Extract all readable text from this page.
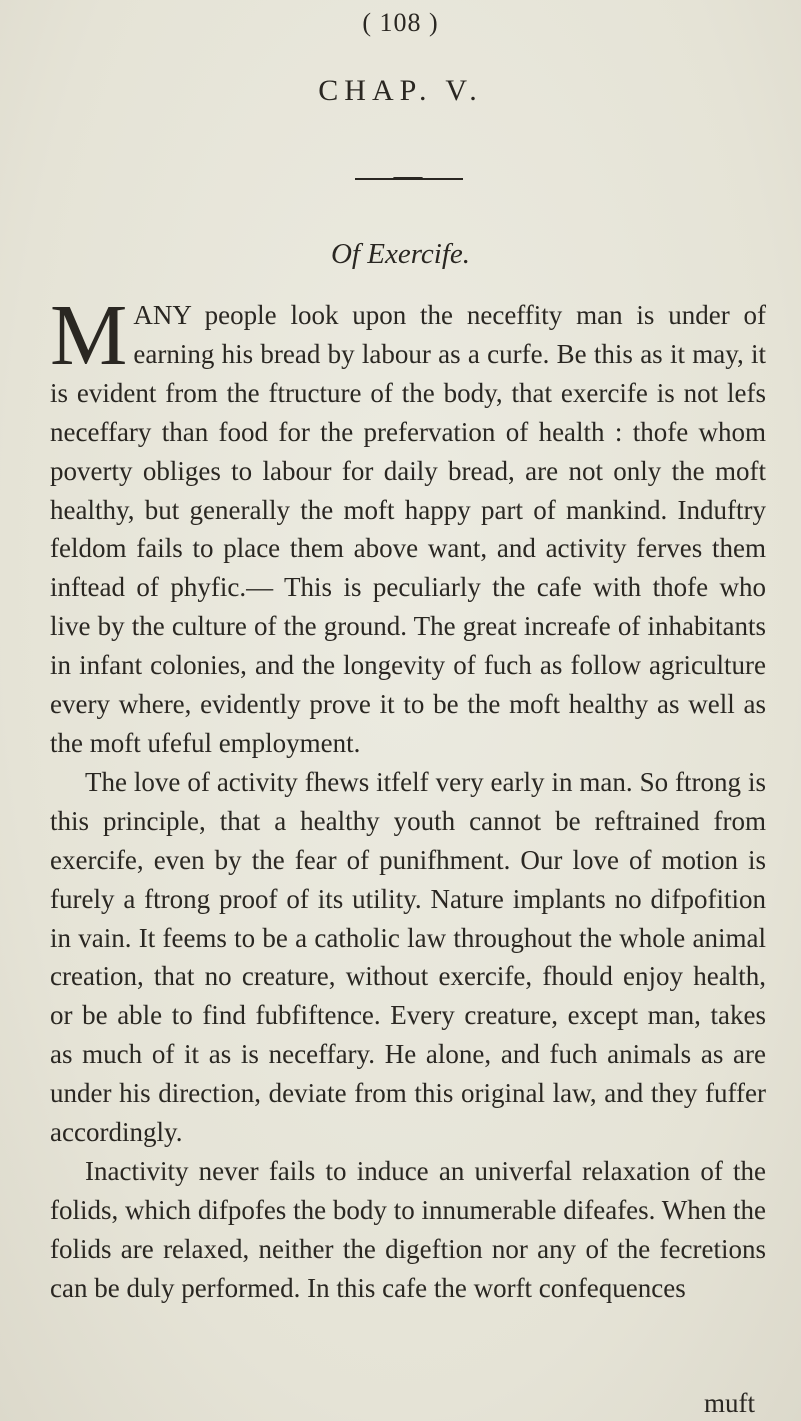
( 108 )
CHAP. V.
Of Exercife.

MANY people look upon the neceffity man is under of earning his bread by labour as a curfe. Be this as it may, it is evident from the ftructure of the body, that exercife is not lefs neceffary than food for the prefervation of health : thofe whom poverty obliges to labour for daily bread, are not only the moft healthy, but generally the moft happy part of mankind. Induftry feldom fails to place them above want, and activity ferves them inftead of phyfic.— This is peculiarly the cafe with thofe who live by the culture of the ground. The great increafe of inhabitants in infant colonies, and the longevity of fuch as follow agriculture every where, evidently prove it to be the moft healthy as well as the moft ufeful employment.

The love of activity fhews itfelf very early in man. So ftrong is this principle, that a healthy youth cannot be reftrained from exercife, even by the fear of punifhment. Our love of motion is furely a ftrong proof of its utility. Nature implants no difpofition in vain. It feems to be a catholic law throughout the whole animal creation, that no creature, without exercife, fhould enjoy health, or be able to find fubfiftence. Every creature, except man, takes as much of it as is neceffary. He alone, and fuch animals as are under his direction, deviate from this original law, and they fuffer accordingly.

Inactivity never fails to induce an univerfal relaxation of the folids, which difpofes the body to innumerable difeafes. When the folids are relaxed, neither the digeftion nor any of the fecretions can be duly performed. In this cafe the worft confequences

muft
